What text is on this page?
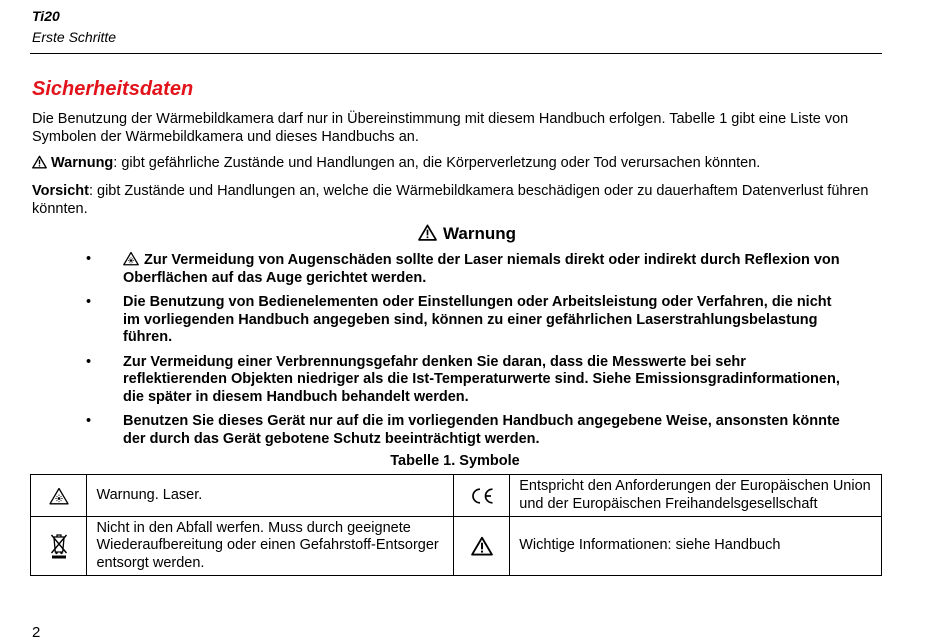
Ti20
Erste Schritte
Sicherheitsdaten

Die Benutzung der Wärmebildkamera darf nur in Übereinstimmung mit diesem Handbuch erfolgen. Tabelle 1 gibt eine Liste von Symbolen der Wärmebildkamera und dieses Handbuchs an.

Warnung: gibt gefährliche Zustände und Handlungen an, die Körperverletzung oder Tod verursachen könnten.

Vorsicht: gibt Zustände und Handlungen an, welche die Wärmebildkamera beschädigen oder zu dauerhaftem Datenverlust führen könnten.

Warnung
•	Zur Vermeidung von Augenschäden sollte der Laser niemals direkt oder indirekt durch Reflexion von Oberflächen auf das Auge gerichtet werden.
• Die Benutzung von Bedienelementen oder Einstellungen oder Arbeitsleistung oder Verfahren, die nicht im vorliegenden Handbuch angegeben sind, können zu einer gefährlichen Laserstrahlungsbelastung führen.
• Zur Vermeidung einer Verbrennungsgefahr denken Sie daran, dass die Messwerte bei sehr reflektierenden Objekten niedriger als die Ist-Temperaturwerte sind. Siehe Emissionsgradinformationen, die später in diesem Handbuch behandelt werden.
• Benutzen Sie dieses Gerät nur auf die im vorliegenden Handbuch angegebene Weise, ansonsten könnte der durch das Gerät gebotene Schutz beeinträchtigt werden.
Tabelle 1. Symbole
	Warnung. Laser.		Entspricht den Anforderungen der Europäischen Union und der Europäischen Freihandelsgesellschaft

	Nicht in den Abfall werfen. Muss durch geeignete Wiederaufbereitung oder einen Gefahrstoff-Entsorger entsorgt werden.		Wichtige Informationen: siehe Handbuch
2
